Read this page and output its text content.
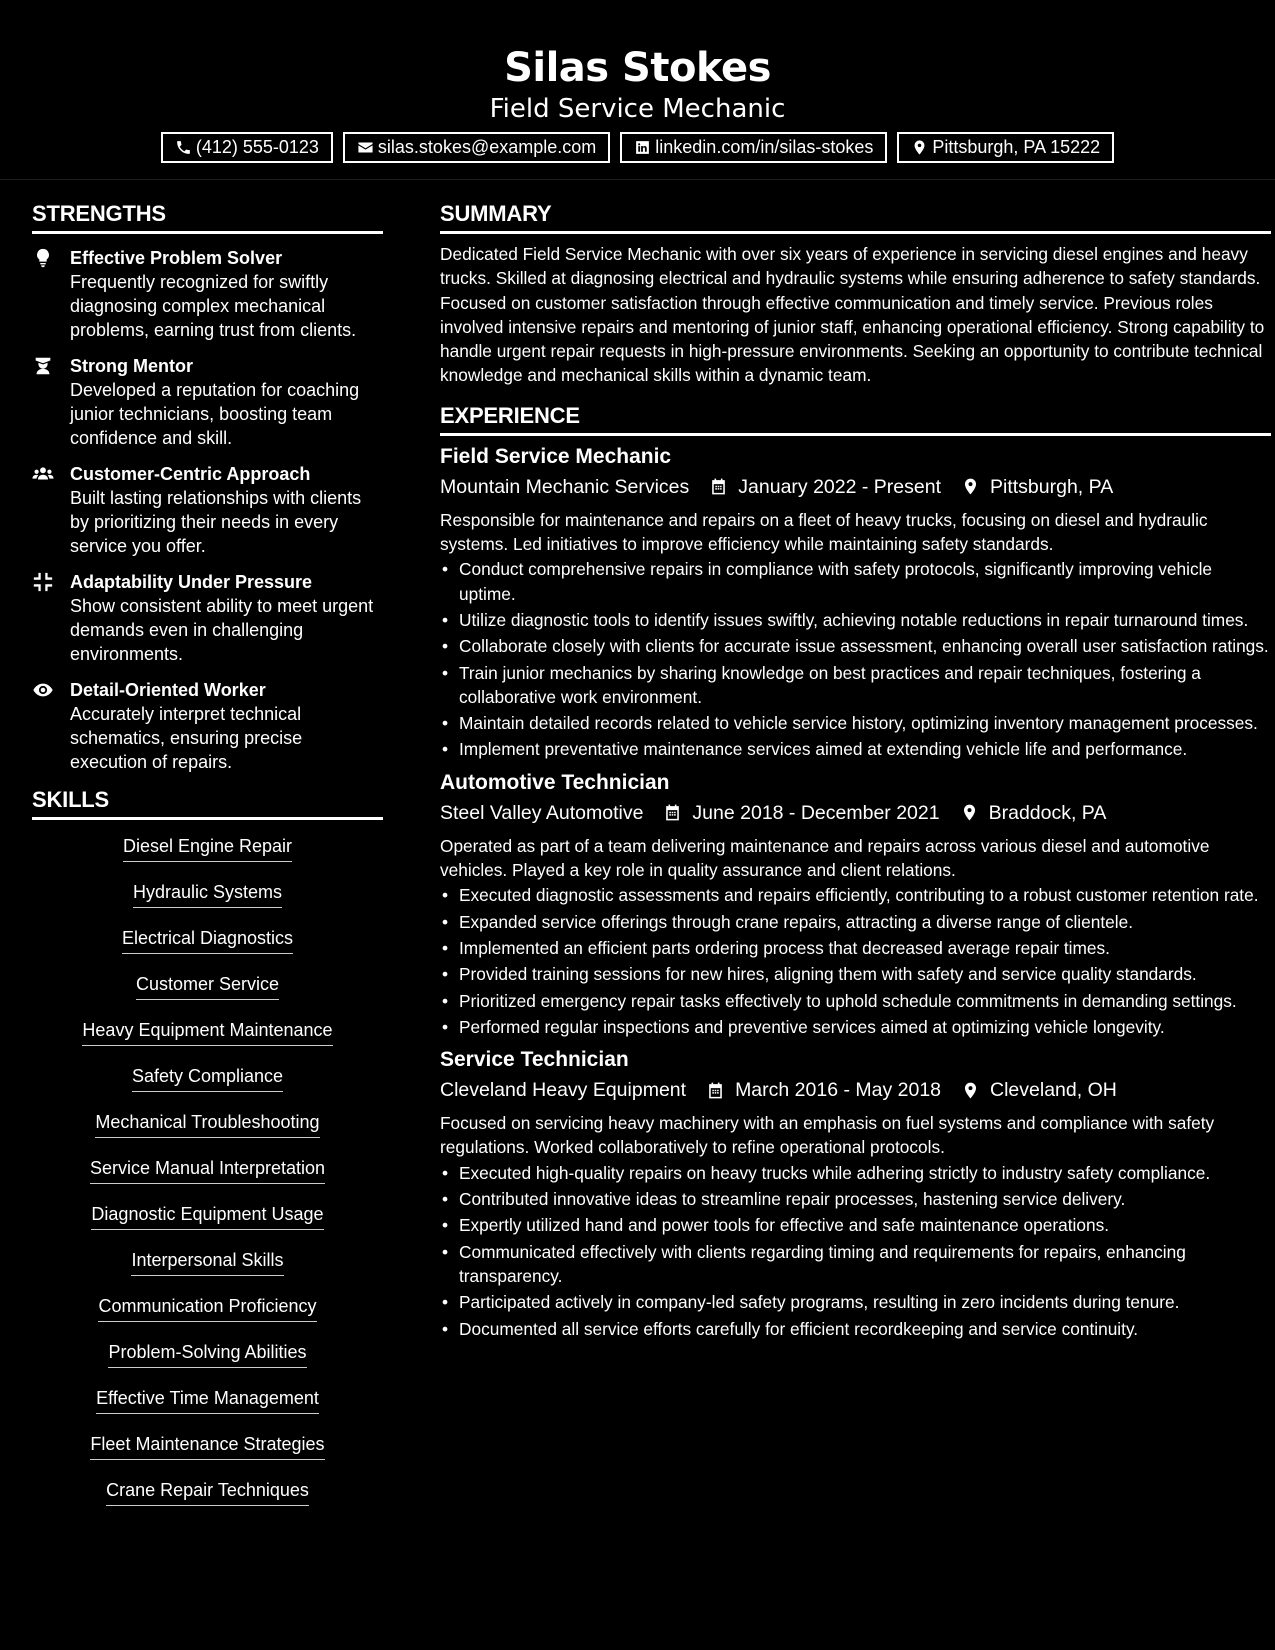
Silas Stokes
Field Service Mechanic
(412) 555-0123	silas.stokes@example.com	linkedin.com/in/silas-stokes	Pittsburgh, PA 15222
STRENGTHS
Effective Problem Solver
Frequently recognized for swiftly diagnosing complex mechanical problems, earning trust from clients.
Strong Mentor
Developed a reputation for coaching junior technicians, boosting team confidence and skill.
Customer-Centric Approach
Built lasting relationships with clients by prioritizing their needs in every service you offer.
Adaptability Under Pressure
Show consistent ability to meet urgent demands even in challenging environments.
Detail-Oriented Worker
Accurately interpret technical schematics, ensuring precise execution of repairs.
SKILLS
Diesel Engine Repair
Hydraulic Systems
Electrical Diagnostics
Customer Service
Heavy Equipment Maintenance
Safety Compliance
Mechanical Troubleshooting
Service Manual Interpretation
Diagnostic Equipment Usage
Interpersonal Skills
Communication Proficiency
Problem-Solving Abilities
Effective Time Management
Fleet Maintenance Strategies
Crane Repair Techniques
SUMMARY
Dedicated Field Service Mechanic with over six years of experience in servicing diesel engines and heavy trucks. Skilled at diagnosing electrical and hydraulic systems while ensuring adherence to safety standards. Focused on customer satisfaction through effective communication and timely service. Previous roles involved intensive repairs and mentoring of junior staff, enhancing operational efficiency. Strong capability to handle urgent repair requests in high-pressure environments. Seeking an opportunity to contribute technical knowledge and mechanical skills within a dynamic team.
EXPERIENCE
Field Service Mechanic
Mountain Mechanic Services	January 2022 - Present	Pittsburgh, PA
Responsible for maintenance and repairs on a fleet of heavy trucks, focusing on diesel and hydraulic systems. Led initiatives to improve efficiency while maintaining safety standards.
• Conduct comprehensive repairs in compliance with safety protocols, significantly improving vehicle uptime.
• Utilize diagnostic tools to identify issues swiftly, achieving notable reductions in repair turnaround times.
• Collaborate closely with clients for accurate issue assessment, enhancing overall user satisfaction ratings.
• Train junior mechanics by sharing knowledge on best practices and repair techniques, fostering a collaborative work environment.
• Maintain detailed records related to vehicle service history, optimizing inventory management processes.
• Implement preventative maintenance services aimed at extending vehicle life and performance.
Automotive Technician
Steel Valley Automotive	June 2018 - December 2021	Braddock, PA
Operated as part of a team delivering maintenance and repairs across various diesel and automotive vehicles. Played a key role in quality assurance and client relations.
• Executed diagnostic assessments and repairs efficiently, contributing to a robust customer retention rate.
• Expanded service offerings through crane repairs, attracting a diverse range of clientele.
• Implemented an efficient parts ordering process that decreased average repair times.
• Provided training sessions for new hires, aligning them with safety and service quality standards.
• Prioritized emergency repair tasks effectively to uphold schedule commitments in demanding settings.
• Performed regular inspections and preventive services aimed at optimizing vehicle longevity.
Service Technician
Cleveland Heavy Equipment	March 2016 - May 2018	Cleveland, OH
Focused on servicing heavy machinery with an emphasis on fuel systems and compliance with safety regulations. Worked collaboratively to refine operational protocols.
• Executed high-quality repairs on heavy trucks while adhering strictly to industry safety compliance.
• Contributed innovative ideas to streamline repair processes, hastening service delivery.
• Expertly utilized hand and power tools for effective and safe maintenance operations.
• Communicated effectively with clients regarding timing and requirements for repairs, enhancing transparency.
• Participated actively in company-led safety programs, resulting in zero incidents during tenure.
• Documented all service efforts carefully for efficient recordkeeping and service continuity.
